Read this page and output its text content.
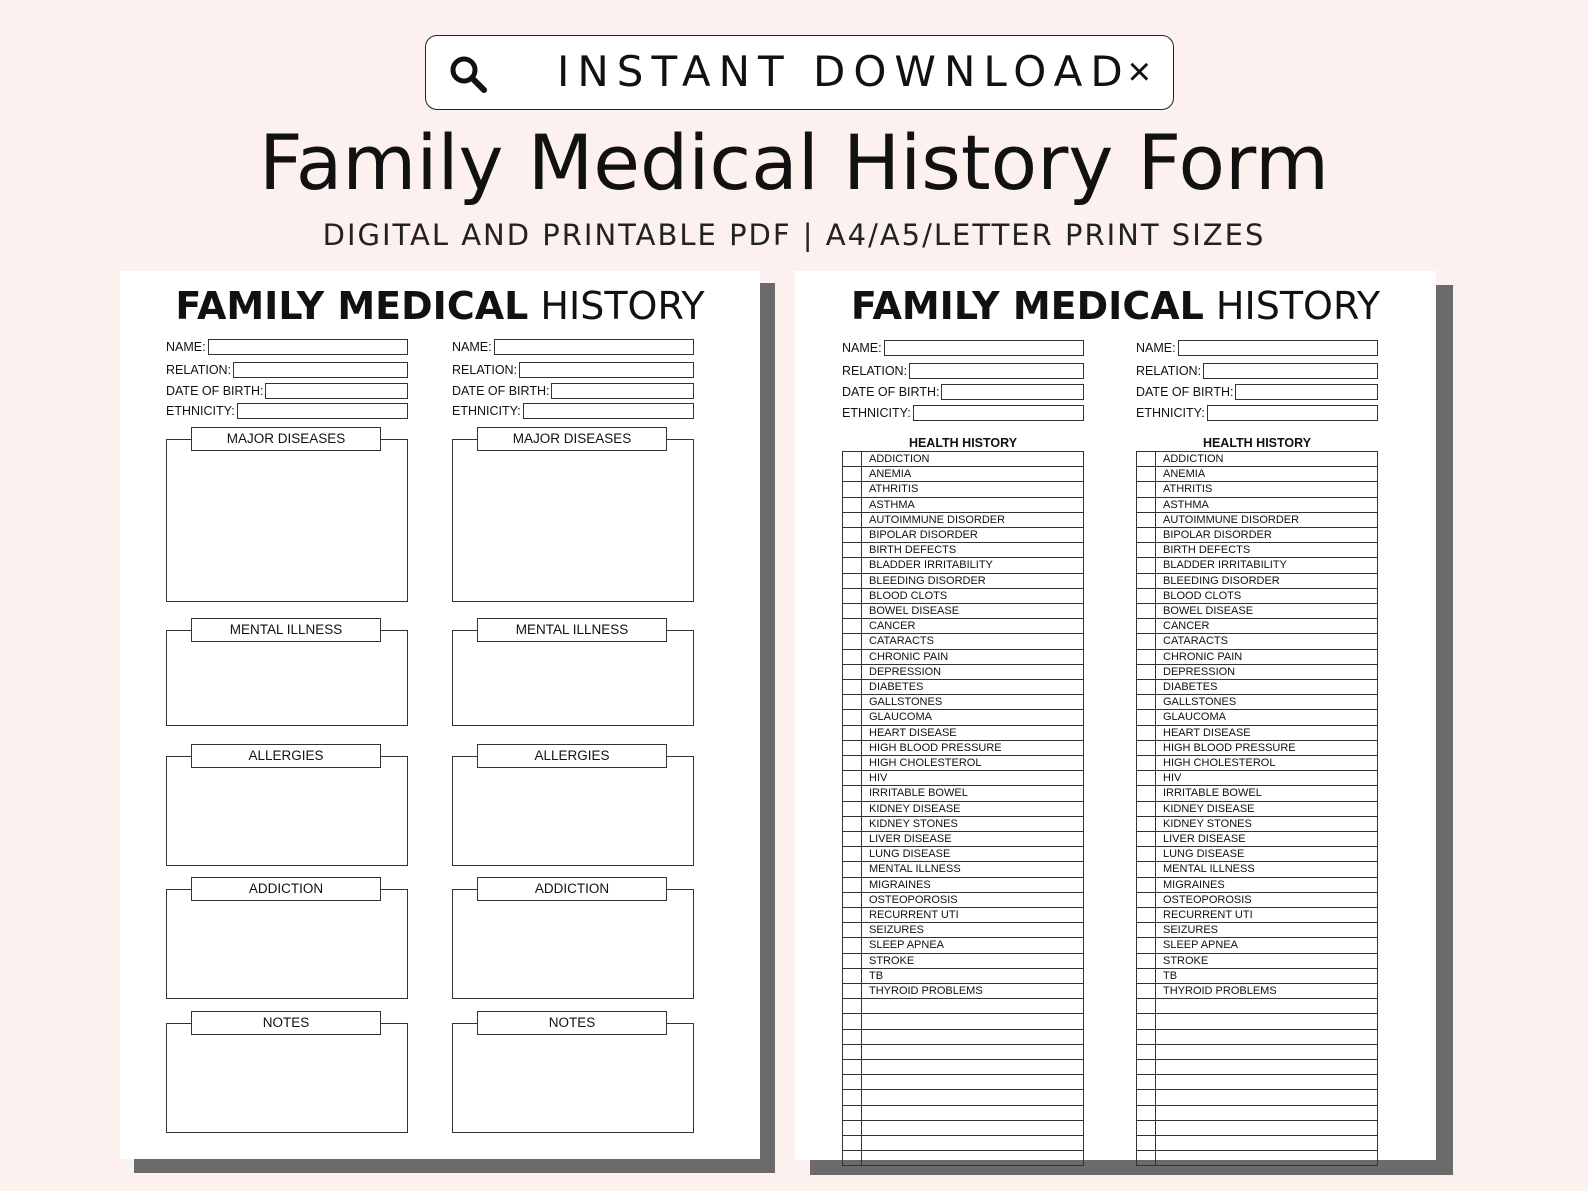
INSTANT DOWNLOAD
×
Family Medical History Form
DIGITAL AND PRINTABLE PDF | A4/A5/LETTER PRINT SIZES
FAMILY MEDICAL HISTORY
NAME:
RELATION:
DATE OF BIRTH:
ETHNICITY:
MAJOR DISEASES
MENTAL ILLNESS
ALLERGIES
ADDICTION
NOTES
NAME:
RELATION:
DATE OF BIRTH:
ETHNICITY:
MAJOR DISEASES
MENTAL ILLNESS
ALLERGIES
ADDICTION
NOTES
FAMILY MEDICAL HISTORY
NAME:
RELATION:
DATE OF BIRTH:
ETHNICITY:
HEALTH HISTORY
ADDICTION
ANEMIA
ATHRITIS
ASTHMA
AUTOIMMUNE DISORDER
BIPOLAR DISORDER
BIRTH DEFECTS
BLADDER IRRITABILITY
BLEEDING DISORDER
BLOOD CLOTS
BOWEL DISEASE
CANCER
CATARACTS
CHRONIC PAIN
DEPRESSION
DIABETES
GALLSTONES
GLAUCOMA
HEART DISEASE
HIGH BLOOD PRESSURE
HIGH CHOLESTEROL
HIV
IRRITABLE BOWEL
KIDNEY DISEASE
KIDNEY STONES
LIVER DISEASE
LUNG DISEASE
MENTAL ILLNESS
MIGRAINES
OSTEOPOROSIS
RECURRENT UTI
SEIZURES
SLEEP APNEA
STROKE
TB
THYROID PROBLEMS
NAME:
RELATION:
DATE OF BIRTH:
ETHNICITY:
HEALTH HISTORY
ADDICTION
ANEMIA
ATHRITIS
ASTHMA
AUTOIMMUNE DISORDER
BIPOLAR DISORDER
BIRTH DEFECTS
BLADDER IRRITABILITY
BLEEDING DISORDER
BLOOD CLOTS
BOWEL DISEASE
CANCER
CATARACTS
CHRONIC PAIN
DEPRESSION
DIABETES
GALLSTONES
GLAUCOMA
HEART DISEASE
HIGH BLOOD PRESSURE
HIGH CHOLESTEROL
HIV
IRRITABLE BOWEL
KIDNEY DISEASE
KIDNEY STONES
LIVER DISEASE
LUNG DISEASE
MENTAL ILLNESS
MIGRAINES
OSTEOPOROSIS
RECURRENT UTI
SEIZURES
SLEEP APNEA
STROKE
TB
THYROID PROBLEMS
